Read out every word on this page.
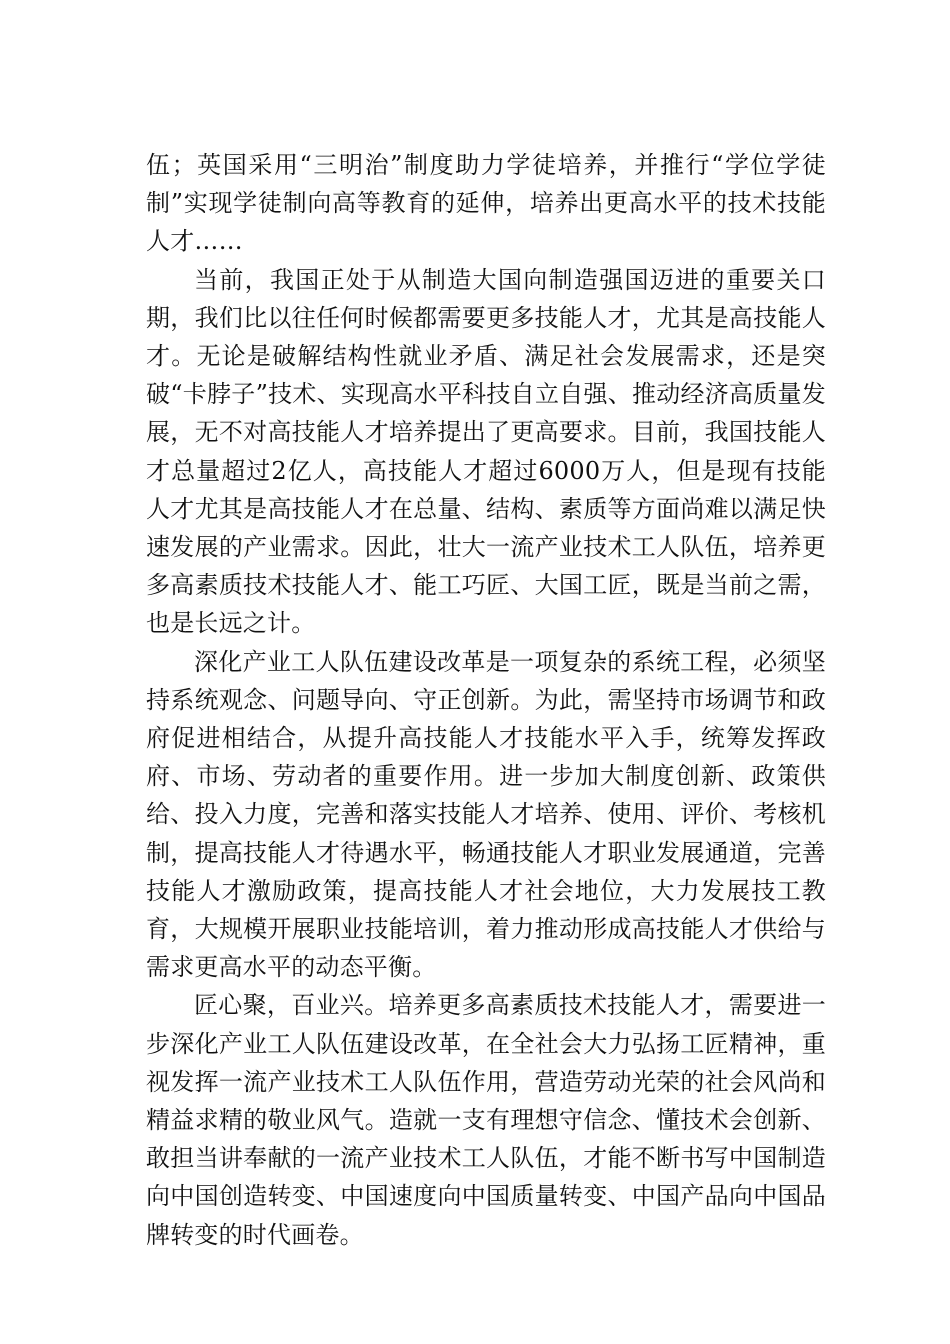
伍；英国采用“三明治”制度助力学徒培养，并推行“学位学徒制”实现学徒制向高等教育的延伸，培养出更高水平的技术技能人才……

当前，我国正处于从制造大国向制造强国迈进的重要关口期，我们比以往任何时候都需要更多技能人才，尤其是高技能人才。无论是破解结构性就业矛盾、满足社会发展需求，还是突破“卡脖子”技术、实现高水平科技自立自强、推动经济高质量发展，无不对高技能人才培养提出了更高要求。目前，我国技能人才总量超过2亿人，高技能人才超过6000万人，但是现有技能人才尤其是高技能人才在总量、结构、素质等方面尚难以满足快速发展的产业需求。因此，壮大一流产业技术工人队伍，培养更多高素质技术技能人才、能工巧匠、大国工匠，既是当前之需，也是长远之计。

深化产业工人队伍建设改革是一项复杂的系统工程，必须坚持系统观念、问题导向、守正创新。为此，需坚持市场调节和政府促进相结合，从提升高技能人才技能水平入手，统筹发挥政府、市场、劳动者的重要作用。进一步加大制度创新、政策供给、投入力度，完善和落实技能人才培养、使用、评价、考核机制，提高技能人才待遇水平，畅通技能人才职业发展通道，完善技能人才激励政策，提高技能人才社会地位，大力发展技工教育，大规模开展职业技能培训，着力推动形成高技能人才供给与需求更高水平的动态平衡。

匠心聚，百业兴。培养更多高素质技术技能人才，需要进一步深化产业工人队伍建设改革，在全社会大力弘扬工匠精神，重视发挥一流产业技术工人队伍作用，营造劳动光荣的社会风尚和精益求精的敬业风气。造就一支有理想守信念、懂技术会创新、敢担当讲奉献的一流产业技术工人队伍，才能不断书写中国制造向中国创造转变、中国速度向中国质量转变、中国产品向中国品牌转变的时代画卷。
